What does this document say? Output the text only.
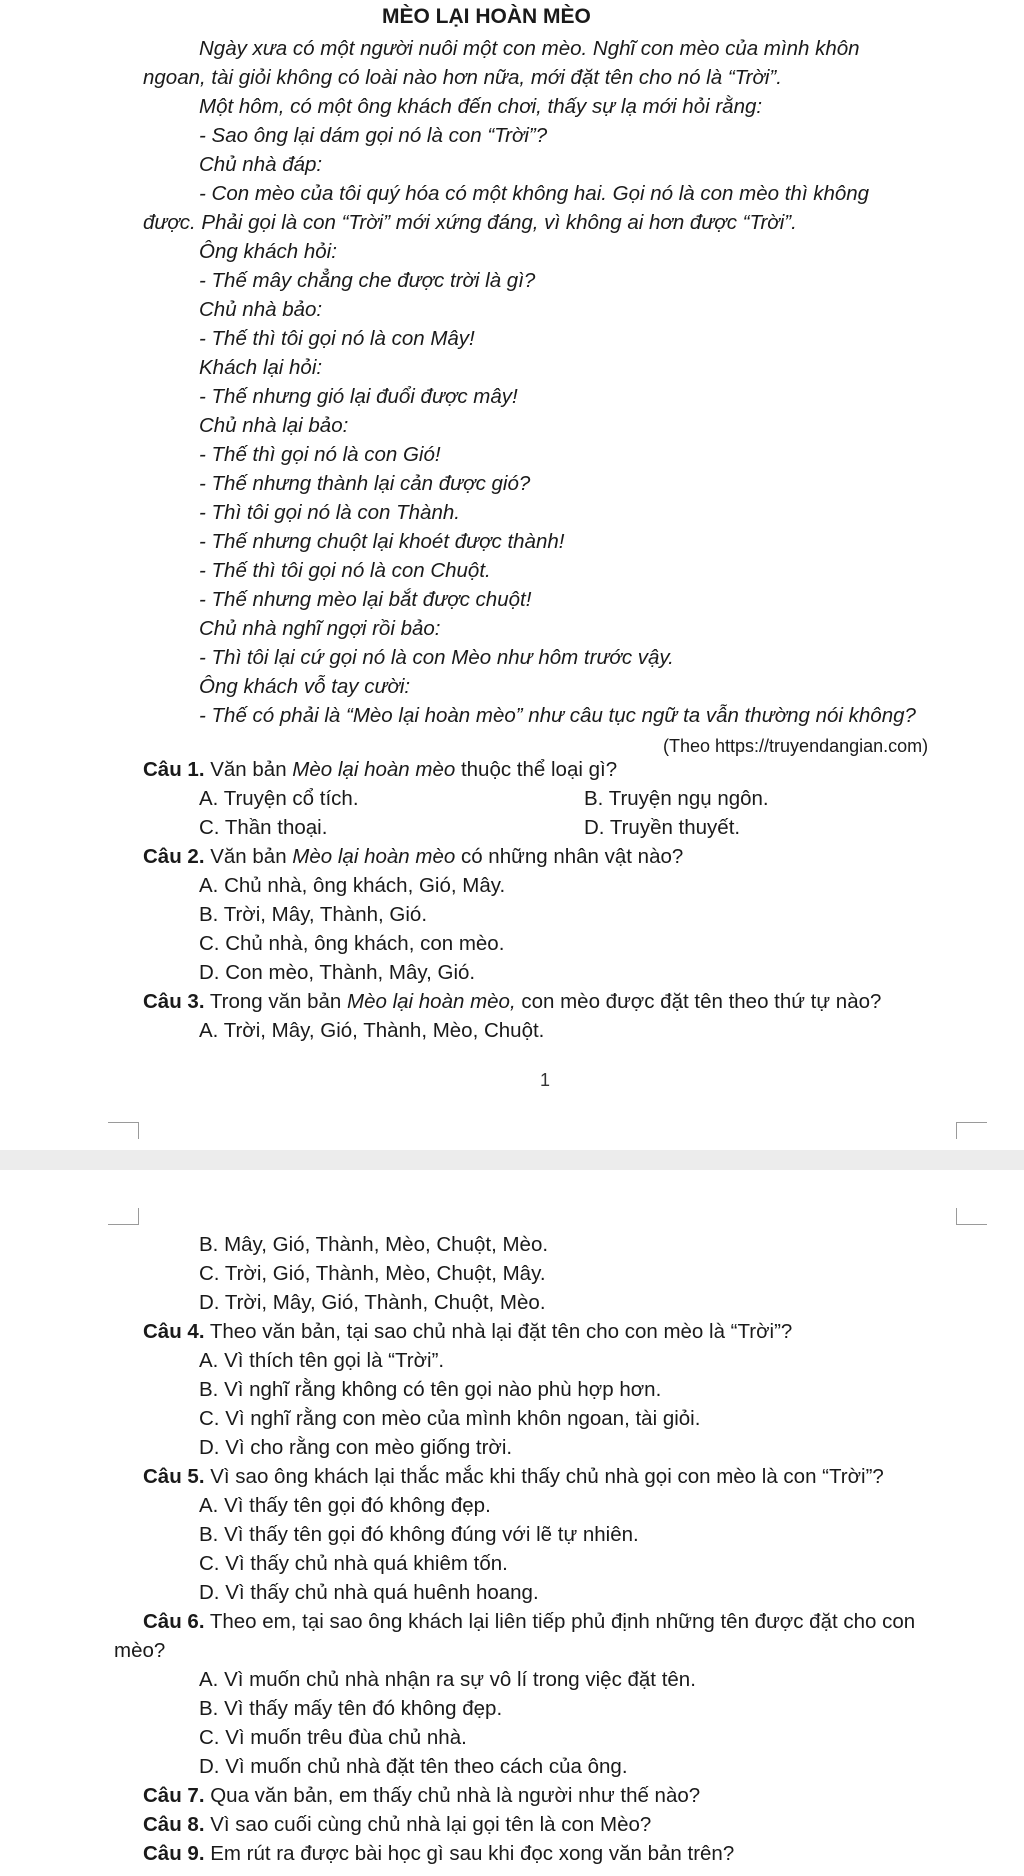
MÈO LẠI HOÀN MÈO
Ngày xưa có một người nuôi một con mèo. Nghĩ con mèo của mình khôn
ngoan, tài giỏi không có loài nào hơn nữa, mới đặt tên cho nó là “Trời”.
Một hôm, có một ông khách đến chơi, thấy sự lạ mới hỏi rằng:
- Sao ông lại dám gọi nó là con “Trời”?
Chủ nhà đáp:
- Con mèo của tôi quý hóa có một không hai. Gọi nó là con mèo thì không
được. Phải gọi là con “Trời” mới xứng đáng, vì không ai hơn được “Trời”.
Ông khách hỏi:
- Thế mây chẳng che được trời là gì?
Chủ nhà bảo:
- Thế thì tôi gọi nó là con Mây!
Khách lại hỏi:
- Thế nhưng gió lại đuổi được mây!
Chủ nhà lại bảo:
- Thế thì gọi nó là con Gió!
- Thế nhưng thành lại cản được gió?
- Thì tôi gọi nó là con Thành.
- Thế nhưng chuột lại khoét được thành!
- Thế thì tôi gọi nó là con Chuột.
- Thế nhưng mèo lại bắt được chuột!
Chủ nhà nghĩ ngợi rồi bảo:
- Thì tôi lại cứ gọi nó là con Mèo như hôm trước vậy.
Ông khách vỗ tay cười:
- Thế có phải là “Mèo lại hoàn mèo” như câu tục ngữ ta vẫn thường nói không?
(Theo https://truyendangian.com)
Câu 1. Văn bản Mèo lại hoàn mèo thuộc thể loại gì?
A. Truyện cổ tích.	B. Truyện ngụ ngôn.
C. Thần thoại.	D. Truyền thuyết.
Câu 2. Văn bản Mèo lại hoàn mèo có những nhân vật nào?
A. Chủ nhà, ông khách, Gió, Mây.
B. Trời, Mây, Thành, Gió.
C. Chủ nhà, ông khách, con mèo.
D. Con mèo, Thành, Mây, Gió.
Câu 3. Trong văn bản Mèo lại hoàn mèo, con mèo được đặt tên theo thứ tự nào?
A. Trời, Mây, Gió, Thành, Mèo, Chuột.
1
B. Mây, Gió, Thành, Mèo, Chuột, Mèo.
C. Trời, Gió, Thành, Mèo, Chuột, Mây.
D. Trời, Mây, Gió, Thành, Chuột, Mèo.
Câu 4. Theo văn bản, tại sao chủ nhà lại đặt tên cho con mèo là “Trời”?
A. Vì thích tên gọi là “Trời”.
B. Vì nghĩ rằng không có tên gọi nào phù hợp hơn.
C. Vì nghĩ rằng con mèo của mình khôn ngoan, tài giỏi.
D. Vì cho rằng con mèo giống trời.
Câu 5. Vì sao ông khách lại thắc mắc khi thấy chủ nhà gọi con mèo là con “Trời”?
A. Vì thấy tên gọi đó không đẹp.
B. Vì thấy tên gọi đó không đúng với lẽ tự nhiên.
C. Vì thấy chủ nhà quá khiêm tốn.
D. Vì thấy chủ nhà quá huênh hoang.
Câu 6. Theo em, tại sao ông khách lại liên tiếp phủ định những tên được đặt cho con
mèo?
A. Vì muốn chủ nhà nhận ra sự vô lí trong việc đặt tên.
B. Vì thấy mấy tên đó không đẹp.
C. Vì muốn trêu đùa chủ nhà.
D. Vì muốn chủ nhà đặt tên theo cách của ông.
Câu 7. Qua văn bản, em thấy chủ nhà là người như thế nào?
Câu 8. Vì sao cuối cùng chủ nhà lại gọi tên là con Mèo?
Câu 9. Em rút ra được bài học gì sau khi đọc xong văn bản trên?
